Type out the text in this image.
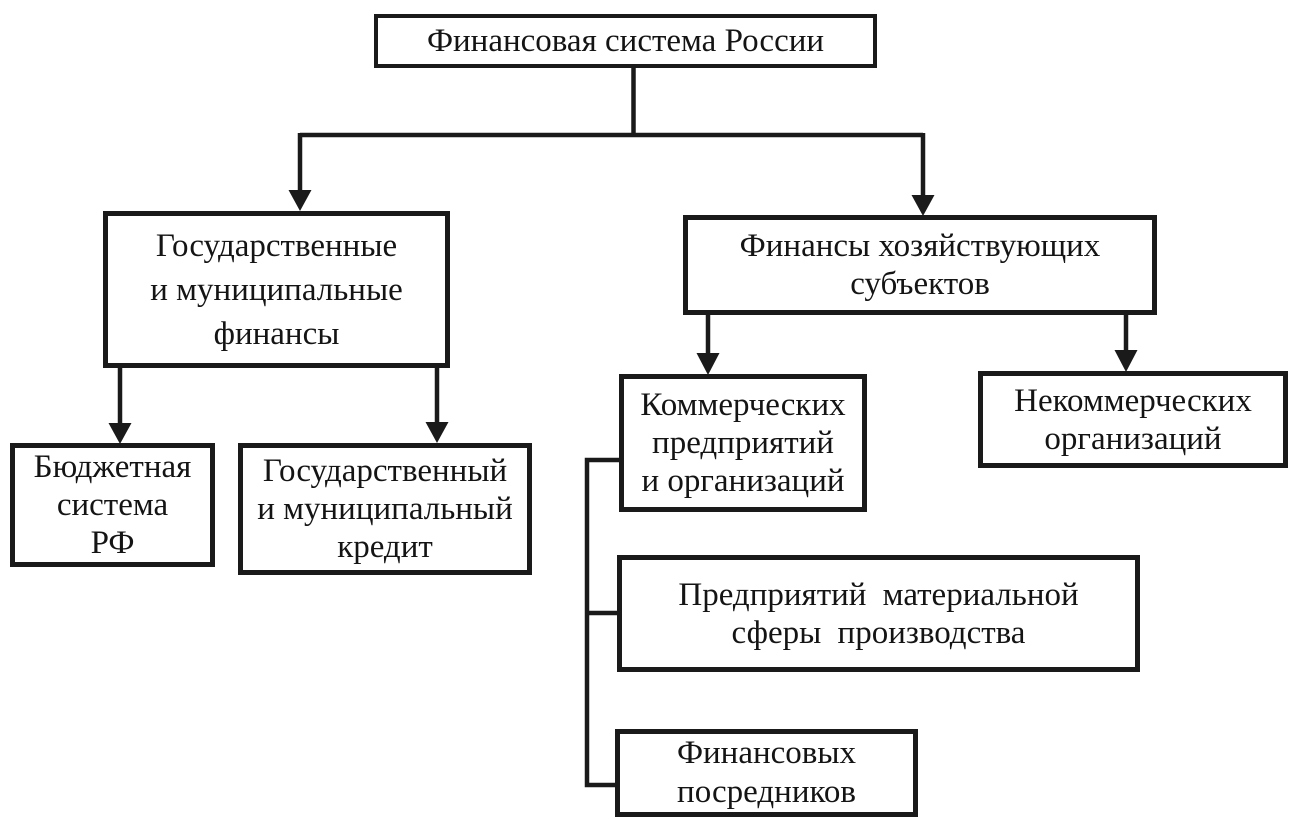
Финансовая система России
Государственные
и муниципальные
финансы
Финансы хозяйствующих
субъектов
Бюджетная
система
РФ
Государственный
и муниципальный
кредит
Коммерческих
предприятий
и организаций
Некоммерческих
организаций
Предприятий материальной
сферы производства
Финансовых
посредников
